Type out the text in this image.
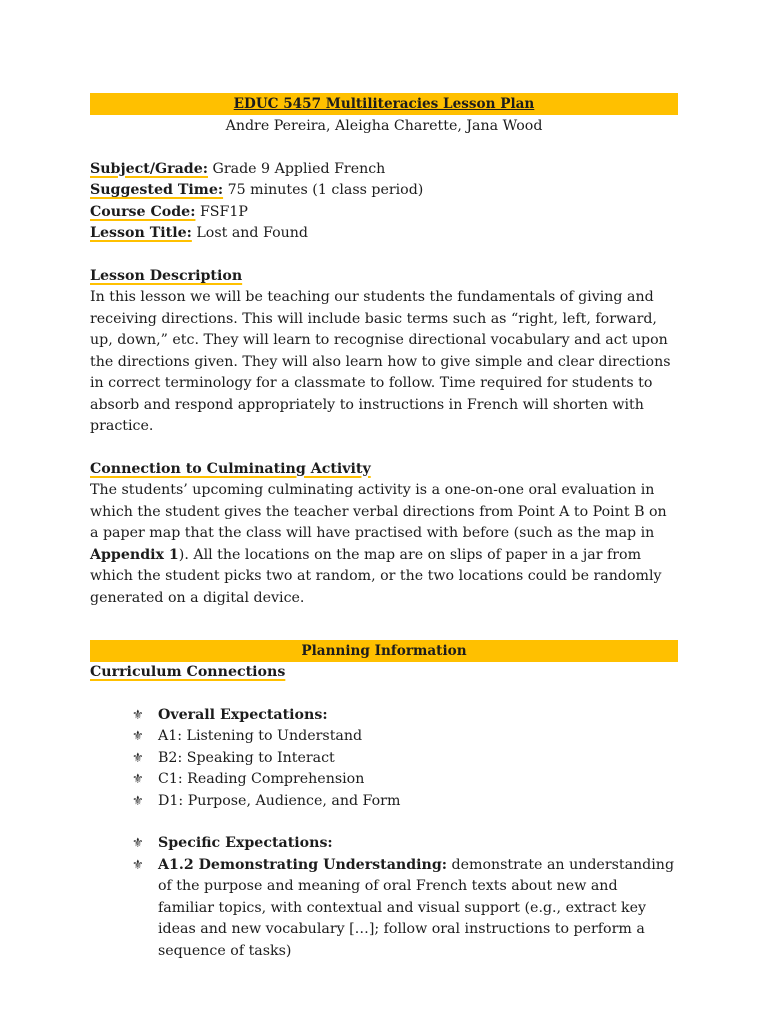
EDUC 5457 Multiliteracies Lesson Plan
Andre Pereira, Aleigha Charette, Jana Wood
Subject/Grade: Grade 9 Applied French
Suggested Time: 75 minutes (1 class period)
Course Code: FSF1P
Lesson Title: Lost and Found
Lesson Description

In this lesson we will be teaching our students the fundamentals of giving and receiving directions. This will include basic terms such as “right, left, forward, up, down,” etc. They will learn to recognise directional vocabulary and act upon the directions given. They will also learn how to give simple and clear directions in correct terminology for a classmate to follow. Time required for students to absorb and respond appropriately to instructions in French will shorten with practice.

Connection to Culminating Activity

The students’ upcoming culminating activity is a one-on-one oral evaluation in which the student gives the teacher verbal directions from Point A to Point B on a paper map that the class will have practised with before (such as the map in Appendix 1). All the locations on the map are on slips of paper in a jar from which the student picks two at random, or the two locations could be randomly generated on a digital device.

Planning Information
Curriculum Connections
⚜ Overall Expectations:
⚜ A1: Listening to Understand
⚜ B2: Speaking to Interact
⚜ C1: Reading Comprehension
⚜ D1: Purpose, Audience, and Form
⚜ Specific Expectations:
⚜ A1.2 Demonstrating Understanding: demonstrate an understanding of the purpose and meaning of oral French texts about new and familiar topics, with contextual and visual support (e.g., extract key ideas and new vocabulary […]; follow oral instructions to perform a sequence of tasks)
